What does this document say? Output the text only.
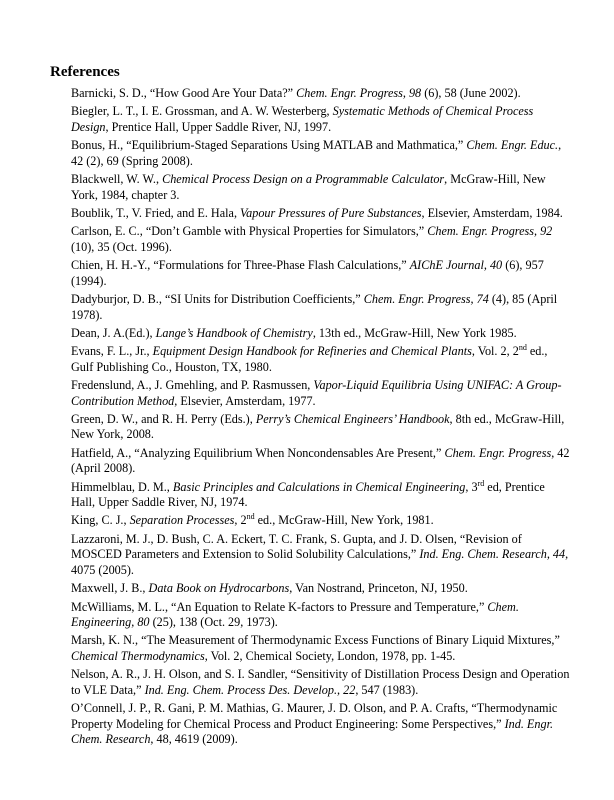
References
Barnicki, S. D., “How Good Are Your Data?” Chem. Engr. Progress, 98 (6), 58 (June 2002).
Biegler, L. T., I. E. Grossman, and A. W. Westerberg, Systematic Methods of Chemical Process Design, Prentice Hall, Upper Saddle River, NJ, 1997.
Bonus, H., “Equilibrium-Staged Separations Using MATLAB and Mathmatica,” Chem. Engr. Educ., 42 (2), 69 (Spring 2008).
Blackwell, W. W., Chemical Process Design on a Programmable Calculator, McGraw-Hill, New York, 1984, chapter 3.
Boublik, T., V. Fried, and E. Hala, Vapour Pressures of Pure Substances, Elsevier, Amsterdam, 1984.
Carlson, E. C., “Don’t Gamble with Physical Properties for Simulators,” Chem. Engr. Progress, 92 (10), 35 (Oct. 1996).
Chien, H. H.-Y., “Formulations for Three-Phase Flash Calculations,” AIChE Journal, 40 (6), 957 (1994).
Dadyburjor, D. B., “SI Units for Distribution Coefficients,” Chem. Engr. Progress, 74 (4), 85 (April 1978).
Dean, J. A.(Ed.), Lange’s Handbook of Chemistry, 13th ed., McGraw-Hill, New York 1985.
Evans, F. L., Jr., Equipment Design Handbook for Refineries and Chemical Plants, Vol. 2, 2nd ed., Gulf Publishing Co., Houston, TX, 1980.
Fredenslund, A., J. Gmehling, and P. Rasmussen, Vapor-Liquid Equilibria Using UNIFAC: A Group-Contribution Method, Elsevier, Amsterdam, 1977.
Green, D. W., and R. H. Perry (Eds.), Perry’s Chemical Engineers’ Handbook, 8th ed., McGraw-Hill, New York, 2008.
Hatfield, A., “Analyzing Equilibrium When Noncondensables Are Present,” Chem. Engr. Progress, 42 (April 2008).
Himmelblau, D. M., Basic Principles and Calculations in Chemical Engineering, 3rd ed, Prentice Hall, Upper Saddle River, NJ, 1974.
King, C. J., Separation Processes, 2nd ed., McGraw-Hill, New York, 1981.
Lazzaroni, M. J., D. Bush, C. A. Eckert, T. C. Frank, S. Gupta, and J. D. Olsen, “Revision of MOSCED Parameters and Extension to Solid Solubility Calculations,” Ind. Eng. Chem. Research, 44, 4075 (2005).
Maxwell, J. B., Data Book on Hydrocarbons, Van Nostrand, Princeton, NJ, 1950.
McWilliams, M. L., “An Equation to Relate K-factors to Pressure and Temperature,” Chem. Engineering, 80 (25), 138 (Oct. 29, 1973).
Marsh, K. N., “The Measurement of Thermodynamic Excess Functions of Binary Liquid Mixtures,” Chemical Thermodynamics, Vol. 2, Chemical Society, London, 1978, pp. 1-45.
Nelson, A. R., J. H. Olson, and S. I. Sandler, “Sensitivity of Distillation Process Design and Operation to VLE Data,” Ind. Eng. Chem. Process Des. Develop., 22, 547 (1983).
O’Connell, J. P., R. Gani, P. M. Mathias, G. Maurer, J. D. Olson, and P. A. Crafts, “Thermodynamic Property Modeling for Chemical Process and Product Engineering: Some Perspectives,” Ind. Engr. Chem. Research, 48, 4619 (2009).
